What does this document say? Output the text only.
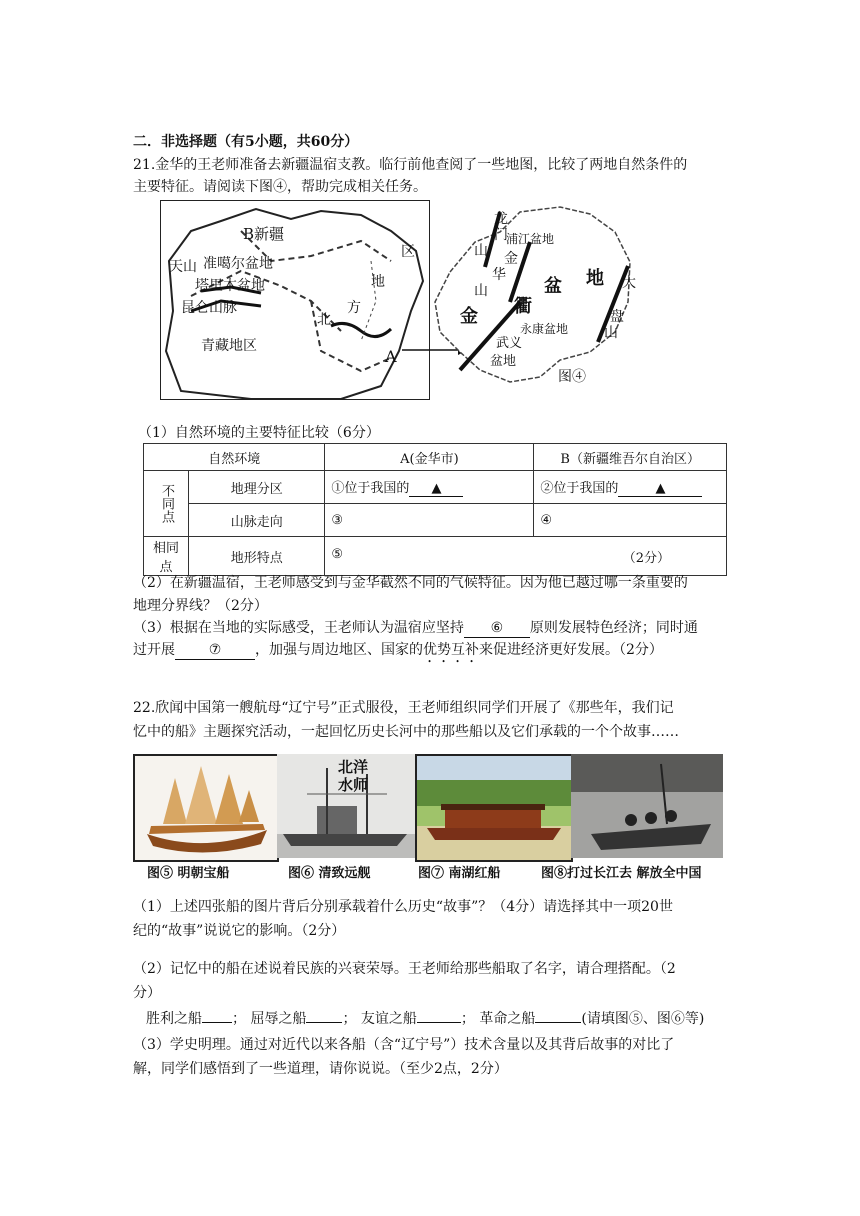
二．非选择题（有5小题，共60分）
21.金华的王老师准备去新疆温宿支教。临行前他查阅了一些地图，比较了两地自然条件的
主要特征。请阅读下图④，帮助完成相关任务。
B新疆
天山 准噶尔盆地
塔里木盆地
昆仑山脉
青藏地区
A
区
地
方
北
龙
门
山
浦江盆地
金
华
山	盆 地
金 衢
武义
盆地
永康盆地
大
盘
山
图④
（1）自然环境的主要特征比较（6分）
自然环境		A(金华市)	B（新疆维吾尔自治区）
不同点	地理分区	①位于我国的 ▲	②位于我国的 ▲
	山脉走向	③	④
相同点	地形特点	⑤ （2分）	
（2）在新疆温宿，王老师感受到与金华截然不同的气候特征。因为他已越过哪一条重要的
地理分界线？（2分）
（3）根据在当地的实际感受，王老师认为温宿应坚持 ⑥ 原则发展特色经济；同时通
过开展 ⑦ ，加强与周边地区、国家的优势互补来促进经济更好发展。（2分）
22.欣闻中国第一艘航母“辽宁号”正式服役，王老师组织同学们开展了《那些年，我们记
忆中的船》主题探究活动，一起回忆历史长河中的那些船以及它们承载的一个个故事……
北洋水师
图⑤ 明朝宝船	图⑥ 清致远舰	图⑦ 南湖红船	图⑧打过长江去 解放全中国
（1）上述四张船的图片背后分别承载着什么历史“故事”？（4分）请选择其中一项20世
纪的“故事”说说它的影响。（2分）
（2）记忆中的船在述说着民族的兴衰荣辱。王老师给那些船取了名字，请合理搭配。（2
分）
胜利之船 ； 屈辱之船	； 友谊之船	； 革命之船	(请填图⑤、图⑥等)
（3）学史明理。通过对近代以来各船（含“辽宁号”）技术含量以及其背后故事的对比了
解，同学们感悟到了一些道理，请你说说。（至少2点，2分）
